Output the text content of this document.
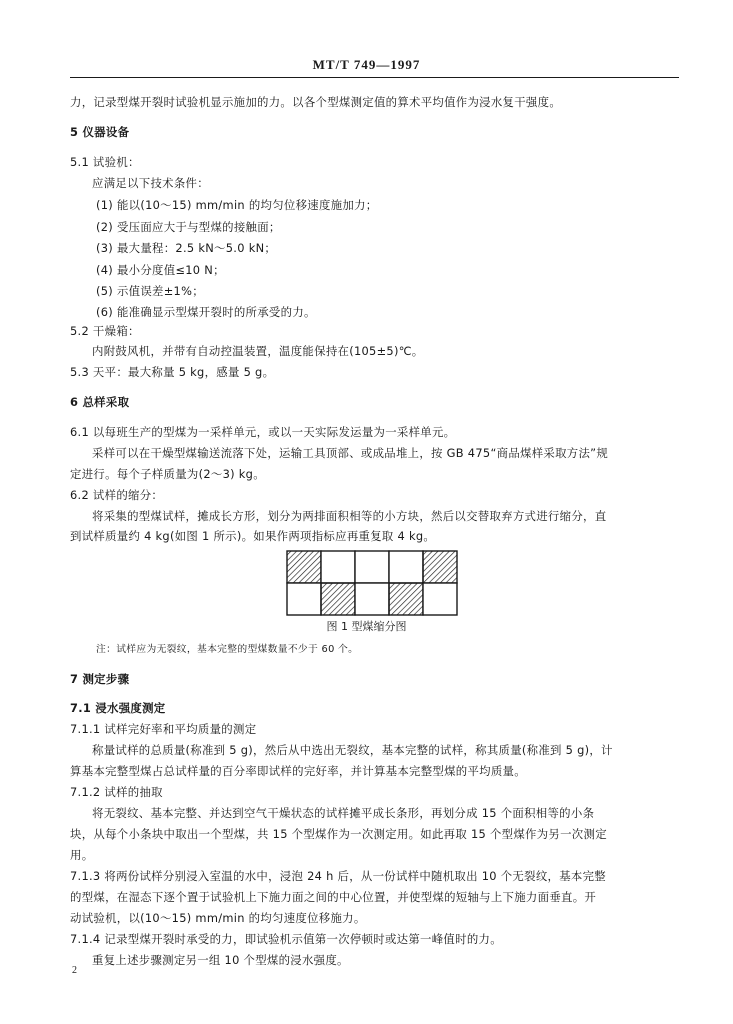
MT/T 749—1997
力，记录型煤开裂时试验机显示施加的力。以各个型煤测定值的算术平均值作为浸水复干强度。
5 仪器设备
5.1 试验机：
应满足以下技术条件：
(1) 能以(10～15) mm/min 的均匀位移速度施加力；
(2) 受压面应大于与型煤的接触面；
(3) 最大量程：2.5 kN～5.0 kN；
(4) 最小分度值≤10 N；
(5) 示值误差±1%；
(6) 能准确显示型煤开裂时的所承受的力。
5.2 干燥箱：
内附鼓风机，并带有自动控温装置，温度能保持在(105±5)℃。
5.3 天平：最大称量 5 kg，感量 5 g。
6 总样采取
6.1 以每班生产的型煤为一采样单元，或以一天实际发运量为一采样单元。
采样可以在干燥型煤输送流落下处，运输工具顶部、或成品堆上，按 GB 475“商品煤样采取方法”规
定进行。每个子样质量为(2～3) kg。
6.2 试样的缩分：
将采集的型煤试样，摊成长方形，划分为两排面积相等的小方块，然后以交替取弃方式进行缩分，直
到试样质量约 4 kg(如图 1 所示)。如果作两项指标应再重复取 4 kg。
图 1 型煤缩分图
注：试样应为无裂纹，基本完整的型煤数量不少于 60 个。
7 测定步骤
7.1 浸水强度测定
7.1.1 试样完好率和平均质量的测定
称量试样的总质量(称准到 5 g)，然后从中选出无裂纹，基本完整的试样，称其质量(称准到 5 g)，计
算基本完整型煤占总试样量的百分率即试样的完好率，并计算基本完整型煤的平均质量。
7.1.2 试样的抽取
将无裂纹、基本完整、并达到空气干燥状态的试样摊平成长条形，再划分成 15 个面积相等的小条
块，从每个小条块中取出一个型煤，共 15 个型煤作为一次测定用。如此再取 15 个型煤作为另一次测定
用。
7.1.3 将两份试样分别浸入室温的水中，浸泡 24 h 后，从一份试样中随机取出 10 个无裂纹，基本完整
的型煤，在湿态下逐个置于试验机上下施力面之间的中心位置，并使型煤的短轴与上下施力面垂直。开
动试验机，以(10～15) mm/min 的均匀速度位移施力。
7.1.4 记录型煤开裂时承受的力，即试验机示值第一次停顿时或达第一峰值时的力。
重复上述步骤测定另一组 10 个型煤的浸水强度。
2
